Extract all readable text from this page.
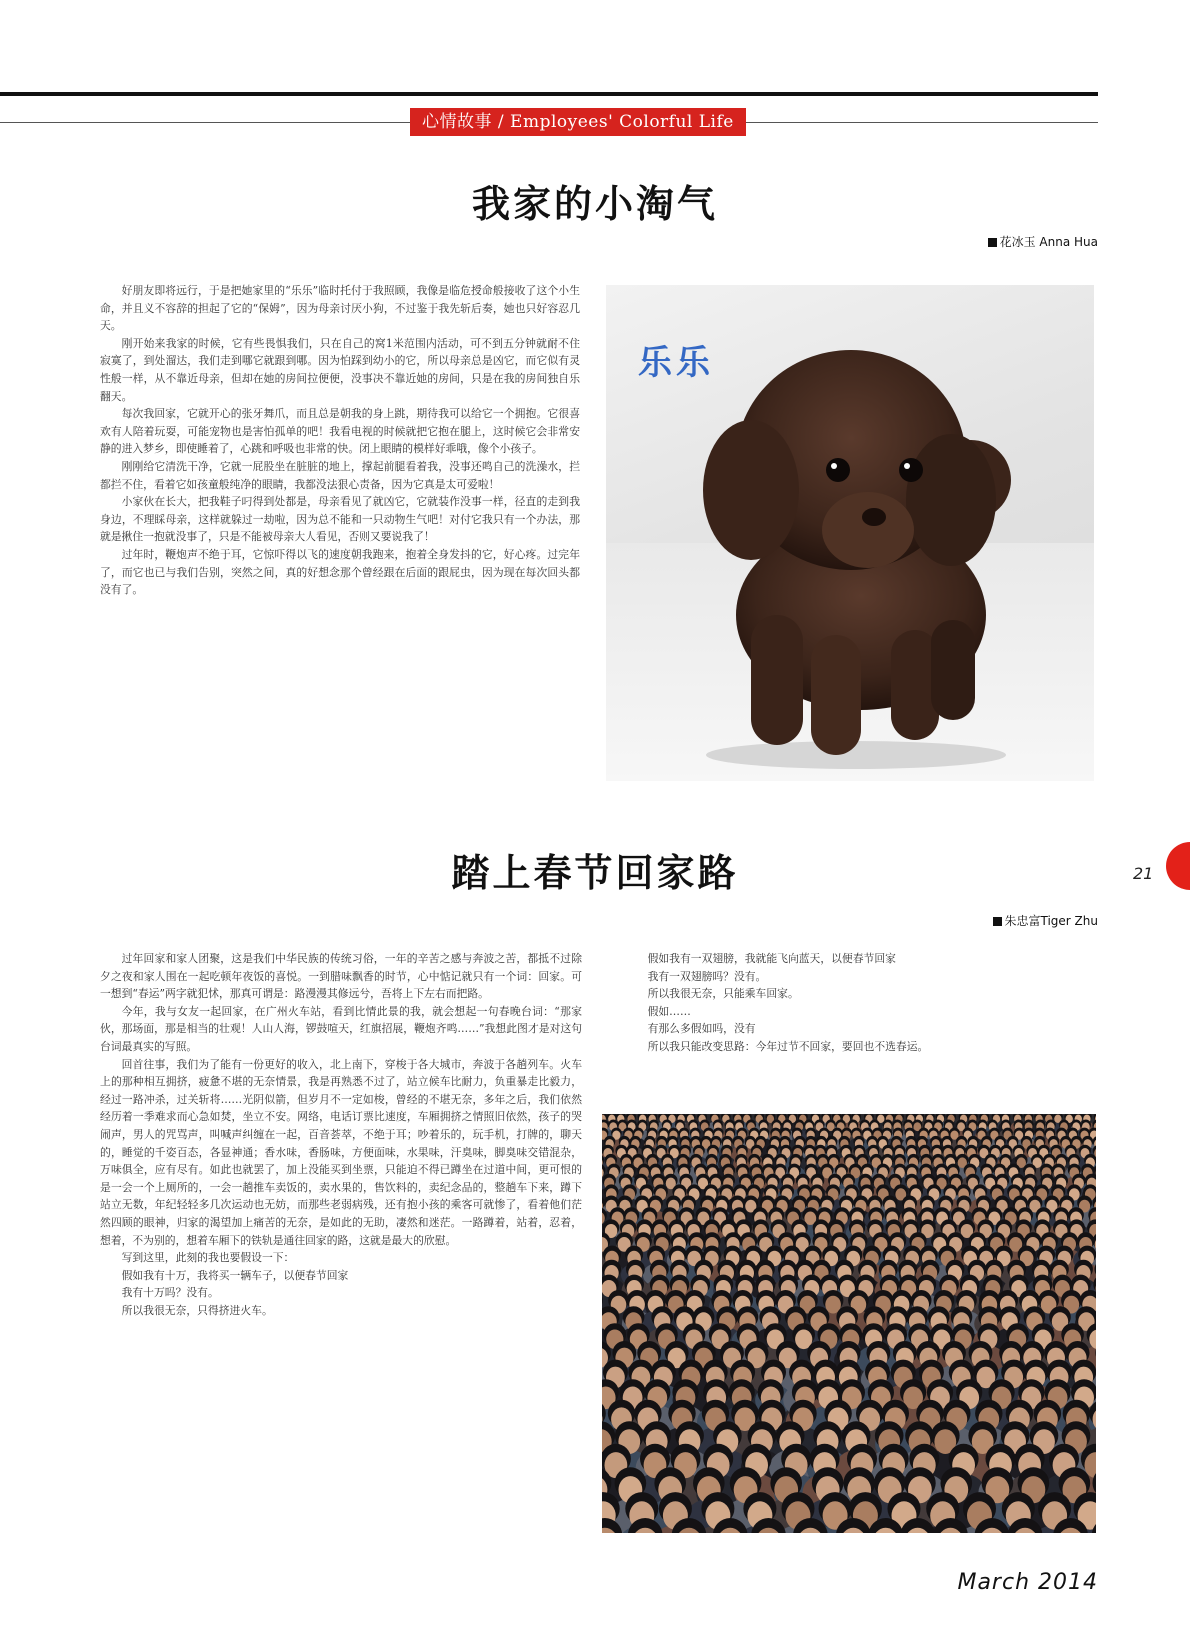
心情故事 / Employees' Colorful Life
我家的小淘气
花冰玉 Anna Hua

好朋友即将远行，于是把她家里的“乐乐”临时托付于我照顾，我像是临危授命般接收了这个小生命，并且义不容辞的担起了它的“保姆”，因为母亲讨厌小狗，不过鉴于我先斩后奏，她也只好容忍几天。

刚开始来我家的时候，它有些畏惧我们，只在自己的窝1米范围内活动，可不到五分钟就耐不住寂寞了，到处溜达，我们走到哪它就跟到哪。因为怕踩到幼小的它，所以母亲总是凶它，而它似有灵性般一样，从不靠近母亲，但却在她的房间拉便便，没事决不靠近她的房间，只是在我的房间独自乐翻天。

每次我回家，它就开心的张牙舞爪，而且总是朝我的身上跳，期待我可以给它一个拥抱。它很喜欢有人陪着玩耍，可能宠物也是害怕孤单的吧！我看电视的时候就把它抱在腿上，这时候它会非常安静的进入梦乡，即使睡着了，心跳和呼吸也非常的快。闭上眼睛的模样好乖哦，像个小孩子。

刚刚给它清洗干净，它就一屁股坐在脏脏的地上，撑起前腿看着我，没事还鸣自己的洗澡水，拦都拦不住，看着它如孩童般纯净的眼睛，我都没法狠心责备，因为它真是太可爱啦！

小家伙在长大，把我鞋子叼得到处都是，母亲看见了就凶它，它就装作没事一样，径直的走到我身边，不理睬母亲，这样就躲过一劫啦，因为总不能和一只动物生气吧！对付它我只有一个办法，那就是揪住一抱就没事了，只是不能被母亲大人看见，否则又要说我了！

过年时，鞭炮声不绝于耳，它惊吓得以飞的速度朝我跑来，抱着全身发抖的它，好心疼。过完年了，而它也已与我们告别，突然之间，真的好想念那个曾经跟在后面的跟屁虫，因为现在每次回头都没有了。

乐乐
踏上春节回家路
朱忠富Tiger Zhu

过年回家和家人团聚，这是我们中华民族的传统习俗，一年的辛苦之感与奔波之苦，都抵不过除夕之夜和家人围在一起吃顿年夜饭的喜悦。一到腊味飘香的时节，心中惦记就只有一个词：回家。可一想到“春运”两字就犯怵，那真可谓是：路漫漫其修远兮，吾将上下左右而把路。

今年，我与女友一起回家，在广州火车站，看到比情此景的我，就会想起一句春晚台词：“那家伙，那场面，那是相当的壮观！人山人海，锣鼓喧天，红旗招展，鞭炮齐鸣……”我想此图才是对这句台词最真实的写照。

回首往事，我们为了能有一份更好的收入，北上南下，穿梭于各大城市，奔波于各趟列车。火车上的那种相互拥挤，疲惫不堪的无奈情景，我是再熟悉不过了，站立候车比耐力，负重暴走比毅力，经过一路冲杀，过关斩将……光阴似箭，但岁月不一定如梭，曾经的不堪无奈，多年之后，我们依然经历着一季难求而心急如焚，坐立不安。网络，电话订票比速度，车厢拥挤之情照旧依然，孩子的哭闹声，男人的咒骂声，叫喊声纠缠在一起，百音荟萃，不绝于耳；吵着乐的，玩手机，打牌的，聊天的，睡觉的千姿百态，各显神通；香水味，香肠味，方便面味，水果味，汗臭味，脚臭味交错混杂，万味俱全，应有尽有。如此也就罢了，加上没能买到坐票，只能迫不得已蹲坐在过道中间，更可恨的是一会一个上厕所的，一会一趟推车卖饭的，卖水果的，售饮料的，卖纪念品的，整趟车下来，蹲下站立无数，年纪轻轻多几次运动也无妨，而那些老弱病残，还有抱小孩的乘客可就惨了，看着他们茫然四顾的眼神，归家的渴望加上痛苦的无奈，是如此的无助，凄然和迷茫。一路蹲着，站着，忍着，想着，不为别的，想着车厢下的铁轨是通往回家的路，这就是最大的欣慰。

写到这里，此刻的我也要假设一下：

假如我有十万，我将买一辆车子，以便春节回家

我有十万吗？没有。

所以我很无奈，只得挤进火车。

假如我有一双翅膀，我就能飞向蓝天，以便春节回家

我有一双翅膀吗？没有。

所以我很无奈，只能乘车回家。

假如……

有那么多假如吗，没有

所以我只能改变思路：今年过节不回家，要回也不选春运。

21
March 2014
